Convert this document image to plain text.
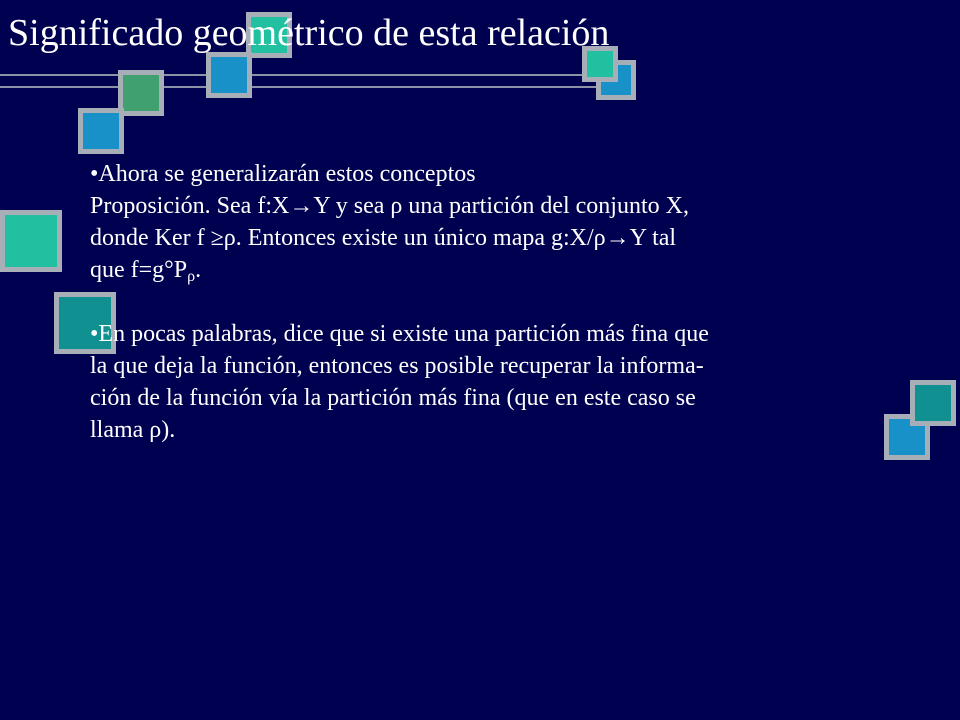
Significado geométrico de esta relación

•Ahora se generalizarán estos conceptos

Proposición. Sea f:X→Y y sea ρ una partición del conjunto X,

donde Ker f ≥ρ. Entonces existe un único mapa g:X/ρ→Y tal

que $f=g^\circ P_\rho$.

•En pocas palabras, dice que si existe una partición más fina que

la que deja la función, entonces es posible recuperar la informa-

ción de la función vía la partición más fina (que en este caso se

llama ρ).
